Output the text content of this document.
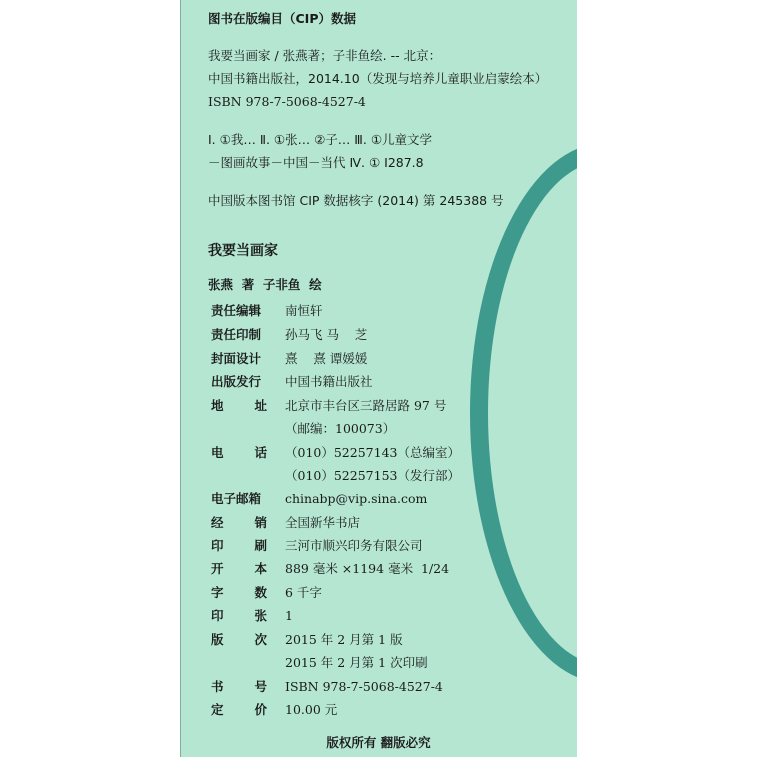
图书在版编目（CIP）数据
我要当画家 / 张燕著；子非鱼绘. -- 北京：
中国书籍出版社，2014.10（发现与培养儿童职业启蒙绘本）
ISBN 978-7-5068-4527-4
Ⅰ. ①我… Ⅱ. ①张… ②子… Ⅲ. ①儿童文学
－图画故事－中国－当代 Ⅳ. ① I287.8
中国版本图书馆 CIP 数据核字 (2014) 第 245388 号
我要当画家
张燕  著  子非鱼  绘
责任编辑 南恒轩
责任印制 孙马飞 马    芝
封面设计 熹    熹 谭媛媛
出版发行 中国书籍出版社
地 址 北京市丰台区三路居路 97 号
（邮编：100073）
电 话 （010）52257143（总编室）
（010）52257153（发行部）
电子邮箱 chinabp@vip.sina.com
经 销 全国新华书店
印 刷 三河市顺兴印务有限公司
开 本 889 毫米 ×1194 毫米  1/24
字 数 6 千字
印 张 1
版 次 2015 年 2 月第 1 版
2015 年 2 月第 1 次印刷
书 号 ISBN 978-7-5068-4527-4
定 价 10.00 元
版权所有 翻版必究
